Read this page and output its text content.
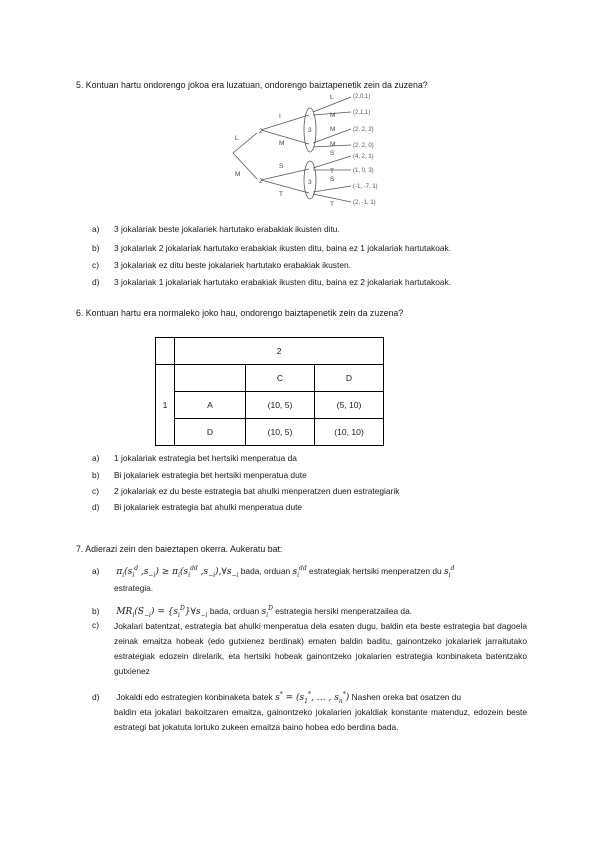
5. Kontuan hartu ondorengo jokoa era luzatuan, ondorengo baiztapenetik zein da zuzena?
2
2
3
3
L
M
I
M
S
T
L
M
M
M
S
T
S
T
(2,0,1)
(2,1,1)
(2, 2, 2)
(2, 2, 0)
(4, 2, 1)
(1, 0, 3)
(-1, -7, 1)
(2, -1, 1)
a) 3 jokalariak beste jokalariek hartutako erabakiak ikusten ditu.
b) 3 jokalariak 2 jokalariak hartutako erabakiak ikusten ditu, baina ez 1 jokalariak hartutakoak.
c) 3 jokalariak ez ditu beste jokalariek hartutako erabakiak ikusten.
d) 3 jokalariak 1 jokalariak hartutako erabakiak ikusten ditu, baina ez 2 jokalariak hartutakoak.
6. Kontuan hartu era normaleko joko hau, ondorengo baiztapenetik zein da zuzena?
	2		
1		C	D
	A	(10, 5)	(5, 10)
	D	(10, 5)	(10, 10)
a) 1 jokalariak estrategia bet hertsiki menperatua da
b) Bi jokalariek estrategia bet hertsiki menperatua dute
c) 2 jokalariak ez du beste estrategia bat ahulki menperatzen duen estrategiarik
d) Bi jokalariek estrategia bat ahulki menperatua dute
7. Adierazi zein den baieztapen okerra. Aukeratu bat:
a) $\pi_i(s_i^d$ $,s_{-i}) \ge \pi_i(s_i^{dd}$ $,s_{-i}),\forall s_{-i}$ bada, orduan $s_i^{dd}$ estrategiak hertsiki menperatzen du $s_i^d$
estrategia.
b) $MR_i(S_{-i})$ = $\{s_i^D\}\forall s_{-i}$ bada, orduan $s_i^D$ estrategia hersiki menperatzailea da.
c) Jokalari batentzat, estrategia bat ahulki menperatua dela esaten dugu, baldin eta beste estrategia bat dagoela zeinak emaitza hobeak (edo gutxienez berdinak) ematen baldin baditu, gainontzeko jokalariek jarraitutako estrategiak edozein direlarik, eta hertsiki hobeak gainontzeko jokalarien estrategia konbinaketa batentzako gutxienez
d) Jokaldi edo estrategien konbinaketa batek $s^* = (s_1^*$, … , $s_n^*$) Nashen oreka bat osatzen du
baldin eta jokalari bakoitzaren emaitza, gainontzeko jokalarien jokaldiak konstante matenduz, edozein beste estrategi bat jokatuta lortuko zukeen emaitza baino hobea edo berdina bada.
